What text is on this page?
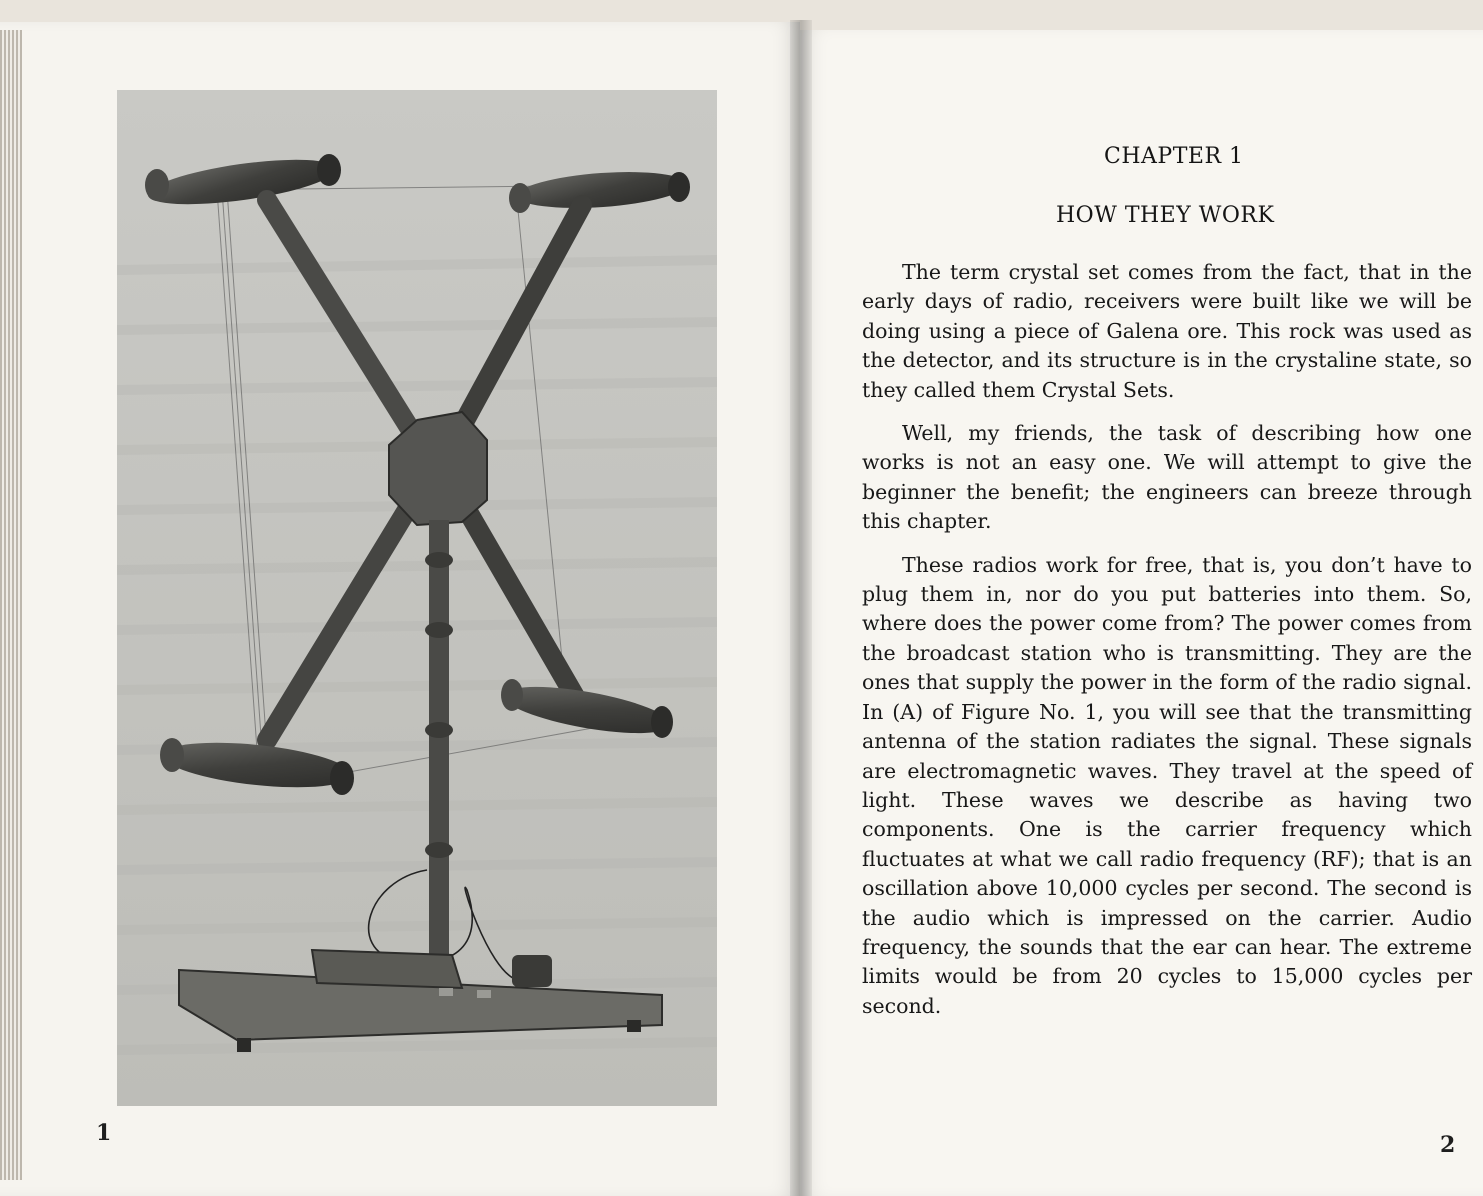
1
CHAPTER 1
HOW THEY WORK

The term crystal set comes from the fact, that in the early days of radio, receivers were built like we will be doing using a piece of Galena ore. This rock was used as the detector, and its structure is in the crystaline state, so they called them Crystal Sets.

Well, my friends, the task of describing how one works is not an easy one. We will attempt to give the beginner the benefit; the engineers can breeze through this chapter.

These radios work for free, that is, you don’t have to plug them in, nor do you put batteries into them. So, where does the power come from? The power comes from the broadcast station who is transmitting. They are the ones that supply the power in the form of the radio signal. In (A) of Figure No. 1, you will see that the transmitting antenna of the station radiates the signal. These signals are electromagnetic waves. They travel at the speed of light. These waves we describe as having two components. One is the carrier frequency which fluctuates at what we call radio frequency (RF); that is an oscillation above 10,000 cycles per second. The second is the audio which is impressed on the carrier. Audio frequency, the sounds that the ear can hear. The extreme limits would be from 20 cycles to 15,000 cycles per second.

2
